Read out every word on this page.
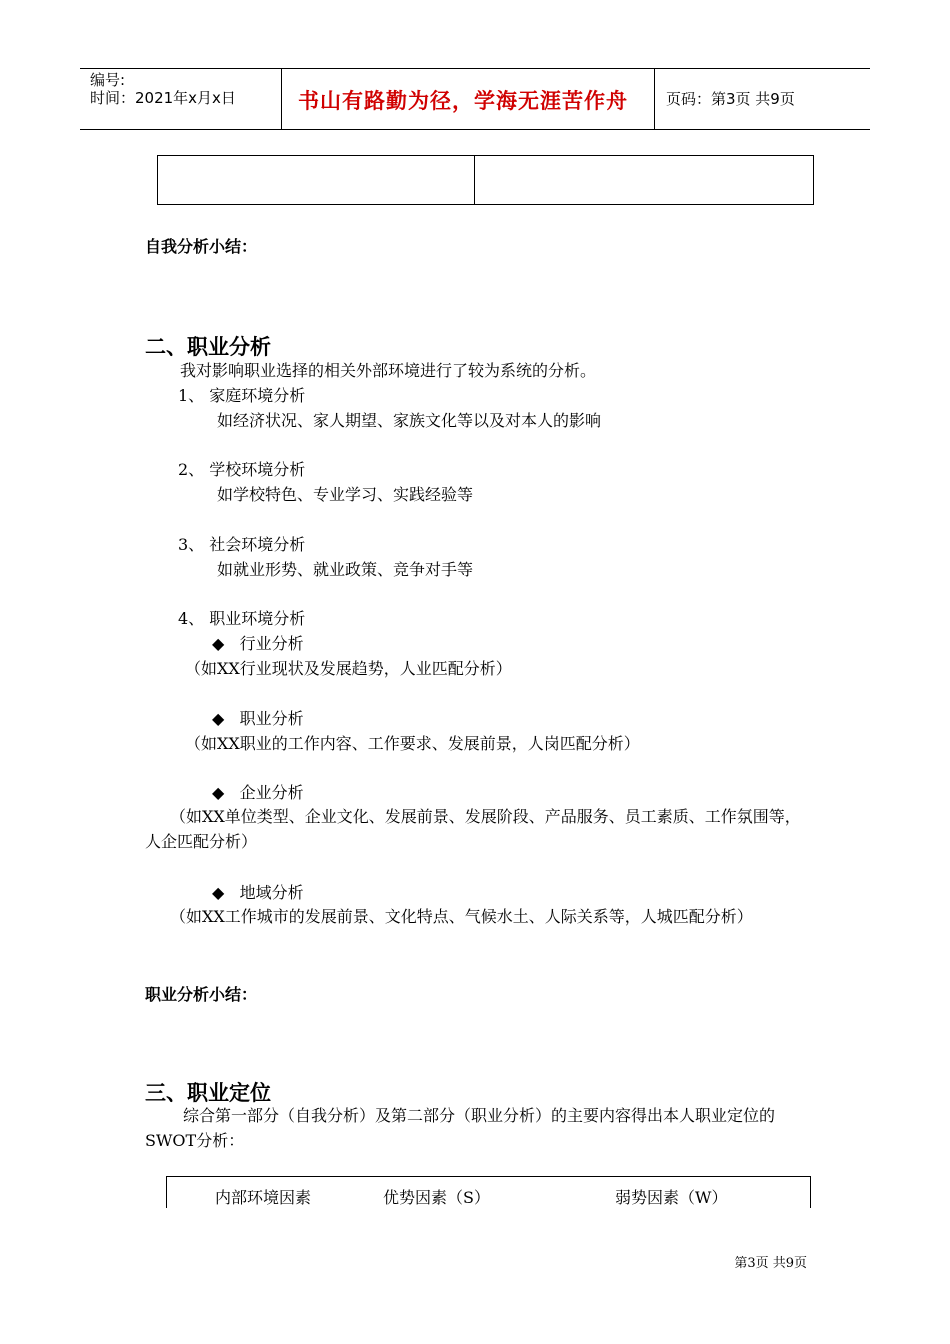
编号:
时间：2021年x月x日	书山有路勤为径，学海无涯苦作舟	页码：第3页 共9页
自我分析小结：
二、职业分析
我对影响职业选择的相关外部环境进行了较为系统的分析。
1、 家庭环境分析
如经济状况、家人期望、家族文化等以及对本人的影响
2、 学校环境分析
如学校特色、专业学习、实践经验等
3、 社会环境分析
如就业形势、就业政策、竞争对手等
4、 职业环境分析
◆ 行业分析
（如XX行业现状及发展趋势，人业匹配分析）
◆ 职业分析
（如XX职业的工作内容、工作要求、发展前景，人岗匹配分析）
◆ 企业分析
（如XX单位类型、企业文化、发展前景、发展阶段、产品服务、员工素质、工作氛围等，人企匹配分析）
◆ 地域分析
（如XX工作城市的发展前景、文化特点、气候水土、人际关系等，人城匹配分析）
职业分析小结：
三、职业定位
综合第一部分（自我分析）及第二部分（职业分析）的主要内容得出本人职业定位的SWOT分析：
内部环境因素	优势因素（S）	弱势因素（W）
第3页 共9页
